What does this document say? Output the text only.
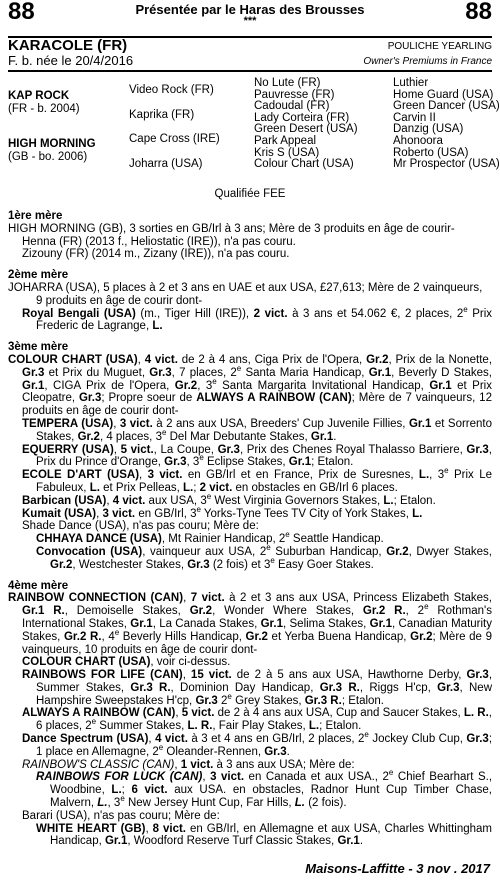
88	88
Présentée par le Haras des Brousses
***
KARACOLE (FR)
F. b. née le 20/4/2016
POULICHE YEARLING
Owner's Premiums in France
KAP ROCK
(FR - b. 2004)
HIGH MORNING
(GB - bo. 2006)
Video Rock (FR)
Kaprika (FR)
Cape Cross (IRE)
Joharra (USA)
No Lute (FR)
Pauvresse (FR)
Cadoudal (FR)
Lady Corteira (FR)
Green Desert (USA)
Park Appeal
Kris S (USA)
Colour Chart (USA)
Luthier
Home Guard (USA)
Green Dancer (USA)
Carvin II
Danzig (USA)
Ahonoora
Roberto (USA)
Mr Prospector (USA)
Qualifiée FEE

1ère mère

HIGH MORNING (GB), 3 sorties en GB/Irl à 3 ans; Mère de 3 produits en âge de courir-

Henna (FR) (2013 f., Heliostatic (IRE)), n'a pas couru.

Zizouny (FR) (2014 m., Zizany (IRE)), n'a pas couru.

2ème mère

JOHARRA (USA), 5 places à 2 et 3 ans en UAE et aux USA, £27,613; Mère de 2 vainqueurs,

9 produits en âge de courir dont-

Royal Bengali (USA) (m., Tiger Hill (IRE)), 2 vict. à 3 ans et 54.062 €, 2 places, 2e Prix Frederic de Lagrange, L.

3ème mère

COLOUR CHART (USA), 4 vict. de 2 à 4 ans, Ciga Prix de l'Opera, Gr.2, Prix de la Nonette, Gr.3 et Prix du Muguet, Gr.3, 7 places, 2e Santa Maria Handicap, Gr.1, Beverly D Stakes, Gr.1, CIGA Prix de l'Opera, Gr.2, 3e Santa Margarita Invitational Handicap, Gr.1 et Prix Cleopatre, Gr.3; Propre soeur de ALWAYS A RAINBOW (CAN); Mère de 7 vainqueurs, 12 produits en âge de courir dont-

TEMPERA (USA), 3 vict. à 2 ans aux USA, Breeders' Cup Juvenile Fillies, Gr.1 et Sorrento Stakes, Gr.2, 4 places, 3e Del Mar Debutante Stakes, Gr.1.

EQUERRY (USA), 5 vict., La Coupe, Gr.3, Prix des Chenes Royal Thalasso Barriere, Gr.3, Prix du Prince d'Orange, Gr.3, 3e Eclipse Stakes, Gr.1; Etalon.

ECOLE D'ART (USA), 3 vict. en GB/Irl et en France, Prix de Suresnes, L., 3e Prix Le Fabuleux, L. et Prix Pelleas, L.; 2 vict. en obstacles en GB/Irl 6 places.

Barbican (USA), 4 vict. aux USA, 3e West Virginia Governors Stakes, L.; Etalon.

Kumait (USA), 3 vict. en GB/Irl, 3e Yorks-Tyne Tees TV City of York Stakes, L.

Shade Dance (USA), n'as pas couru; Mère de:

CHHAYA DANCE (USA), Mt Rainier Handicap, 2e Seattle Handicap.

Convocation (USA), vainqueur aux USA, 2e Suburban Handicap, Gr.2, Dwyer Stakes, Gr.2, Westchester Stakes, Gr.3 (2 fois) et 3e Easy Goer Stakes.

4ème mère

RAINBOW CONNECTION (CAN), 7 vict. à 2 et 3 ans aux USA, Princess Elizabeth Stakes, Gr.1 R., Demoiselle Stakes, Gr.2, Wonder Where Stakes, Gr.2 R., 2e Rothman's International Stakes, Gr.1, La Canada Stakes, Gr.1, Selima Stakes, Gr.1, Canadian Maturity Stakes, Gr.2 R., 4e Beverly Hills Handicap, Gr.2 et Yerba Buena Handicap, Gr.2; Mère de 9 vainqueurs, 10 produits en âge de courir dont-

COLOUR CHART (USA), voir ci-dessus.

RAINBOWS FOR LIFE (CAN), 15 vict. de 2 à 5 ans aux USA, Hawthorne Derby, Gr.3, Summer Stakes, Gr.3 R., Dominion Day Handicap, Gr.3 R., Riggs H'cp, Gr.3, New Hampshire Sweepstakes H'cp, Gr.3 2e Grey Stakes, Gr.3 R.; Etalon.

ALWAYS A RAINBOW (CAN), 5 vict. de 2 à 4 ans aux USA, Cup and Saucer Stakes, L. R., 6 places, 2e Summer Stakes, L. R., Fair Play Stakes, L.; Etalon.

Dance Spectrum (USA), 4 vict. à 3 et 4 ans en GB/Irl, 2 places, 2e Jockey Club Cup, Gr.3; 1 place en Allemagne, 2e Oleander-Rennen, Gr.3.

RAINBOW'S CLASSIC (CAN), 1 vict. à 3 ans aux USA; Mère de:

RAINBOWS FOR LUCK (CAN), 3 vict. en Canada et aux USA., 2e Chief Bearhart S., Woodbine, L.; 6 vict. aux USA. en obstacles, Radnor Hunt Cup Timber Chase, Malvern, L., 3e New Jersey Hunt Cup, Far Hills, L. (2 fois).

Barari (USA), n'as pas couru; Mère de:

WHITE HEART (GB), 8 vict. en GB/Irl, en Allemagne et aux USA, Charles Whittingham Handicap, Gr.1, Woodford Reserve Turf Classic Stakes, Gr.1.

Maisons-Laffitte - 3 nov . 2017
